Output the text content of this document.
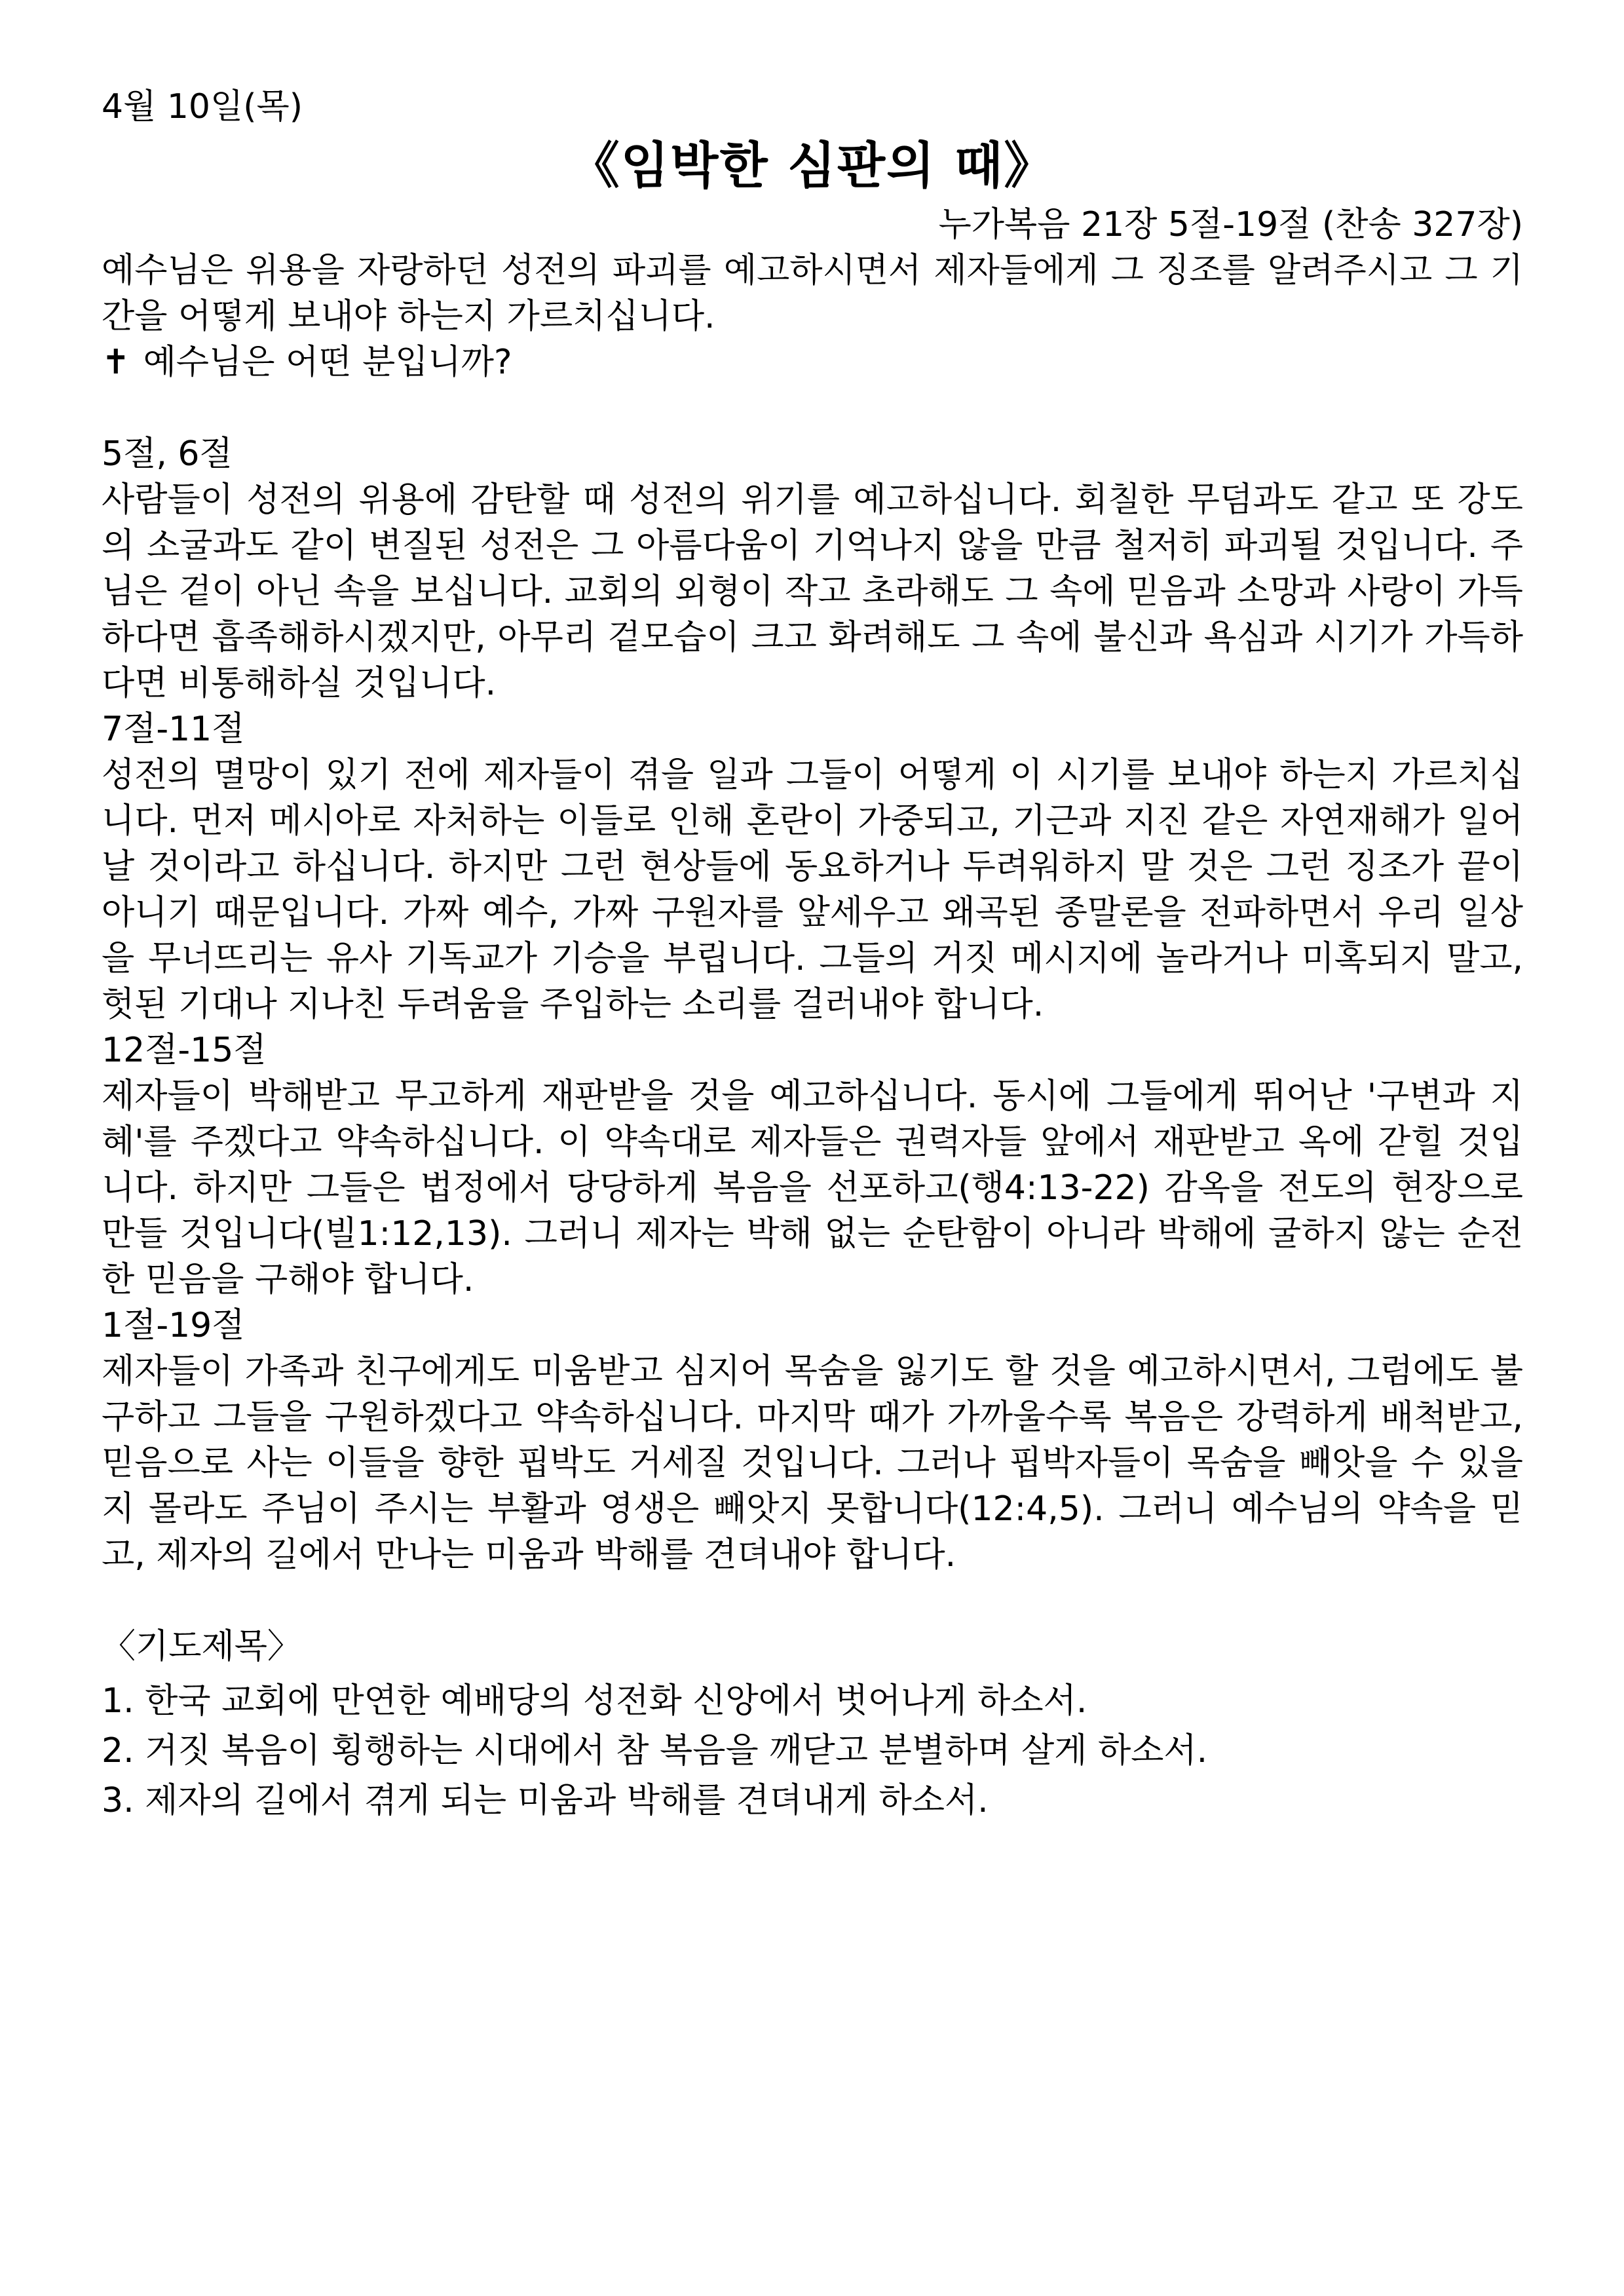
4월 10일(목)

《임박한 심판의 때》

누가복음 21장 5절-19절 (찬송 327장)

예수님은 위용을 자랑하던 성전의 파괴를 예고하시면서 제자들에게 그 징조를 알려주시고 그 기간을 어떻게 보내야 하는지 가르치십니다.

✝ 예수님은 어떤 분입니까?

5절, 6절

사람들이 성전의 위용에 감탄할 때 성전의 위기를 예고하십니다. 회칠한 무덤과도 같고 또 강도의 소굴과도 같이 변질된 성전은 그 아름다움이 기억나지 않을 만큼 철저히 파괴될 것입니다. 주님은 겉이 아닌 속을 보십니다. 교회의 외형이 작고 초라해도 그 속에 믿음과 소망과 사랑이 가득하다면 흡족해하시겠지만, 아무리 겉모습이 크고 화려해도 그 속에 불신과 욕심과 시기가 가득하다면 비통해하실 것입니다.

7절-11절

성전의 멸망이 있기 전에 제자들이 겪을 일과 그들이 어떻게 이 시기를 보내야 하는지 가르치십니다. 먼저 메시아로 자처하는 이들로 인해 혼란이 가중되고, 기근과 지진 같은 자연재해가 일어날 것이라고 하십니다. 하지만 그런 현상들에 동요하거나 두려워하지 말 것은 그런 징조가 끝이 아니기 때문입니다. 가짜 예수, 가짜 구원자를 앞세우고 왜곡된 종말론을 전파하면서 우리 일상을 무너뜨리는 유사 기독교가 기승을 부립니다. 그들의 거짓 메시지에 놀라거나 미혹되지 말고, 헛된 기대나 지나친 두려움을 주입하는 소리를 걸러내야 합니다.

12절-15절

제자들이 박해받고 무고하게 재판받을 것을 예고하십니다. 동시에 그들에게 뛰어난 '구변과 지혜'를 주겠다고 약속하십니다. 이 약속대로 제자들은 권력자들 앞에서 재판받고 옥에 갇힐 것입니다. 하지만 그들은 법정에서 당당하게 복음을 선포하고(행4:13-22) 감옥을 전도의 현장으로 만들 것입니다(빌1:12,13). 그러니 제자는 박해 없는 순탄함이 아니라 박해에 굴하지 않는 순전한 믿음을 구해야 합니다.

1절-19절

제자들이 가족과 친구에게도 미움받고 심지어 목숨을 잃기도 할 것을 예고하시면서, 그럼에도 불구하고 그들을 구원하겠다고 약속하십니다. 마지막 때가 가까울수록 복음은 강력하게 배척받고, 믿음으로 사는 이들을 향한 핍박도 거세질 것입니다. 그러나 핍박자들이 목숨을 빼앗을 수 있을지 몰라도 주님이 주시는 부활과 영생은 빼앗지 못합니다(12:4,5). 그러니 예수님의 약속을 믿고, 제자의 길에서 만나는 미움과 박해를 견뎌내야 합니다.

〈기도제목〉

1. 한국 교회에 만연한 예배당의 성전화 신앙에서 벗어나게 하소서.
2. 거짓 복음이 횡행하는 시대에서 참 복음을 깨닫고 분별하며 살게 하소서.
3. 제자의 길에서 겪게 되는 미움과 박해를 견뎌내게 하소서.
